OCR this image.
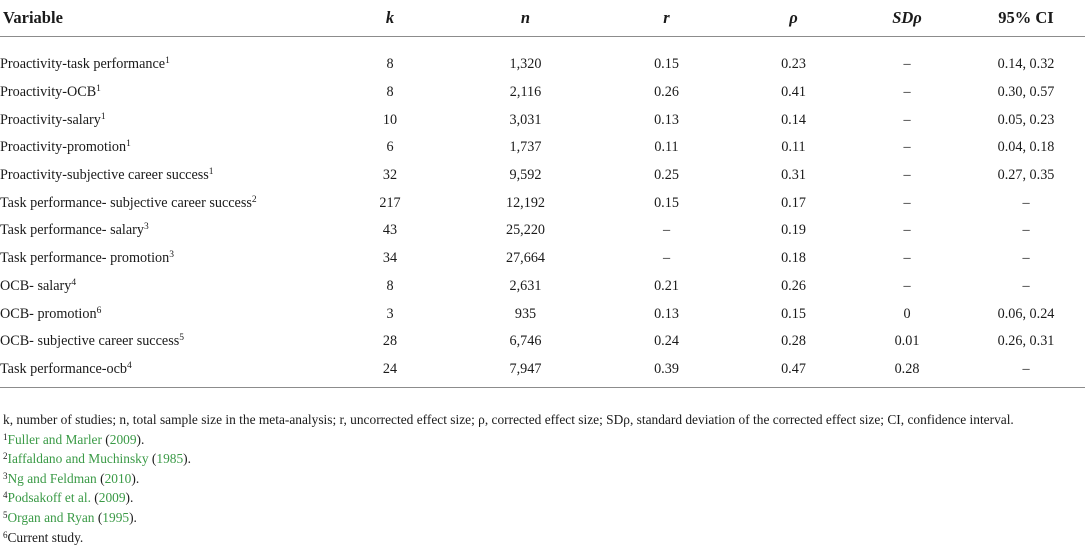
Variable	k	n	r	ρ	SDρ	95% CI
Proactivity-task performance$^1$	8	1,320	0.15	0.23	–	0.14, 0.32
Proactivity-OCB$^1$	8	2,116	0.26	0.41	–	0.30, 0.57
Proactivity-salary$^1$	10	3,031	0.13	0.14	–	0.05, 0.23
Proactivity-promotion$^1$	6	1,737	0.11	0.11	–	0.04, 0.18
Proactivity-subjective career success$^1$	32	9,592	0.25	0.31	–	0.27, 0.35
Task performance- subjective career success$^2$	217	12,192	0.15	0.17	–	–
Task performance- salary$^3$	43	25,220	–	0.19	–	–
Task performance- promotion$^3$	34	27,664	–	0.18	–	–
OCB- salary$^4$	8	2,631	0.21	0.26	–	–
OCB- promotion$^6$	3	935	0.13	0.15	0	0.06, 0.24
OCB- subjective career success$^5$	28	6,746	0.24	0.28	0.01	0.26, 0.31
Task performance-ocb$^4$	24	7,947	0.39	0.47	0.28	–
k, number of studies; n, total sample size in the meta-analysis; r, uncorrected effect size; ρ, corrected effect size; SDρ, standard deviation of the corrected effect size; CI, confidence interval.
$^1$Fuller and Marler (2009).
$^2$Iaffaldano and Muchinsky (1985).
$^3$Ng and Feldman (2010).
$^4$Podsakoff et al. (2009).
$^5$Organ and Ryan (1995).
$^6$Current study.
